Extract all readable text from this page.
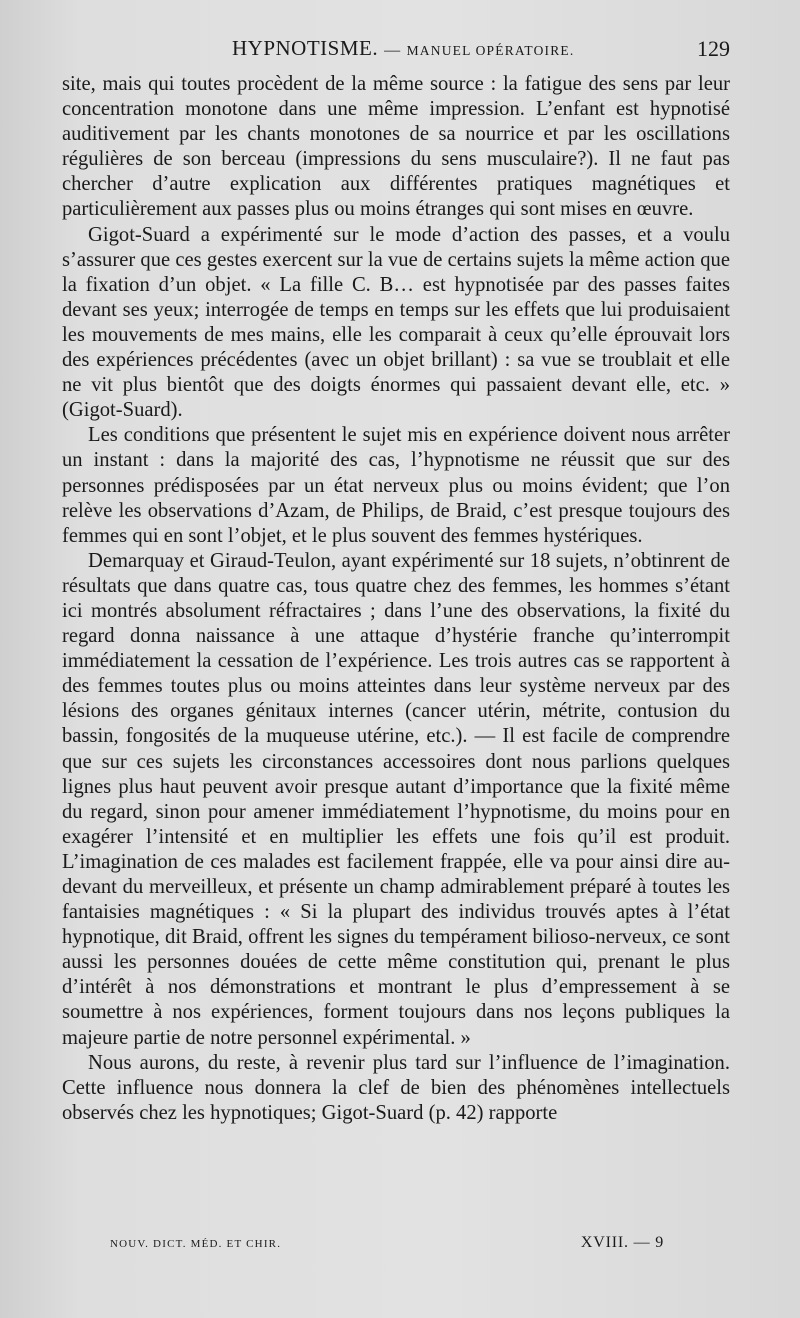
HYPNOTISME. — MANUEL OPÉRATOIRE.	129

site, mais qui toutes procèdent de la même source : la fatigue des sens par leur concentration monotone dans une même impression. L’enfant est hypnotisé auditivement par les chants monotones de sa nourrice et par les oscillations régulières de son berceau (impressions du sens musculaire?). Il ne faut pas chercher d’autre explication aux différentes pratiques magnétiques et particulièrement aux passes plus ou moins étranges qui sont mises en œuvre.

Gigot-Suard a expérimenté sur le mode d’action des passes, et a voulu s’assurer que ces gestes exercent sur la vue de certains sujets la même action que la fixation d’un objet. « La fille C. B… est hypnotisée par des passes faites devant ses yeux; interrogée de temps en temps sur les effets que lui produisaient les mouvements de mes mains, elle les comparait à ceux qu’elle éprouvait lors des expériences précédentes (avec un objet brillant) : sa vue se troublait et elle ne vit plus bientôt que des doigts énormes qui passaient devant elle, etc. » (Gigot-Suard).

Les conditions que présentent le sujet mis en expérience doivent nous arrêter un instant : dans la majorité des cas, l’hypnotisme ne réussit que sur des personnes prédisposées par un état nerveux plus ou moins évident; que l’on relève les observations d’Azam, de Philips, de Braid, c’est presque toujours des femmes qui en sont l’objet, et le plus souvent des femmes hystériques.

Demarquay et Giraud-Teulon, ayant expérimenté sur 18 sujets, n’obtinrent de résultats que dans quatre cas, tous quatre chez des femmes, les hommes s’étant ici montrés absolument réfractaires ; dans l’une des observations, la fixité du regard donna naissance à une attaque d’hystérie franche qu’interrompit immédiatement la cessation de l’expérience. Les trois autres cas se rapportent à des femmes toutes plus ou moins atteintes dans leur système nerveux par des lésions des organes génitaux internes (cancer utérin, métrite, contusion du bassin, fongosités de la muqueuse utérine, etc.). — Il est facile de comprendre que sur ces sujets les circonstances accessoires dont nous parlions quelques lignes plus haut peuvent avoir presque autant d’importance que la fixité même du regard, sinon pour amener immédiatement l’hypnotisme, du moins pour en exagérer l’intensité et en multiplier les effets une fois qu’il est produit. L’imagination de ces malades est facilement frappée, elle va pour ainsi dire au-devant du merveilleux, et présente un champ admirablement préparé à toutes les fantaisies magnétiques : « Si la plupart des individus trouvés aptes à l’état hypnotique, dit Braid, offrent les signes du tempérament bilioso-nerveux, ce sont aussi les personnes douées de cette même constitution qui, prenant le plus d’intérêt à nos démonstrations et montrant le plus d’empressement à se soumettre à nos expériences, forment toujours dans nos leçons publiques la majeure partie de notre personnel expérimental. »

Nous aurons, du reste, à revenir plus tard sur l’influence de l’imagination. Cette influence nous donnera la clef de bien des phénomènes intellectuels observés chez les hypnotiques; Gigot-Suard (p. 42) rapporte

NOUV. DICT. MÉD. ET CHIR.	XVIII. — 9
